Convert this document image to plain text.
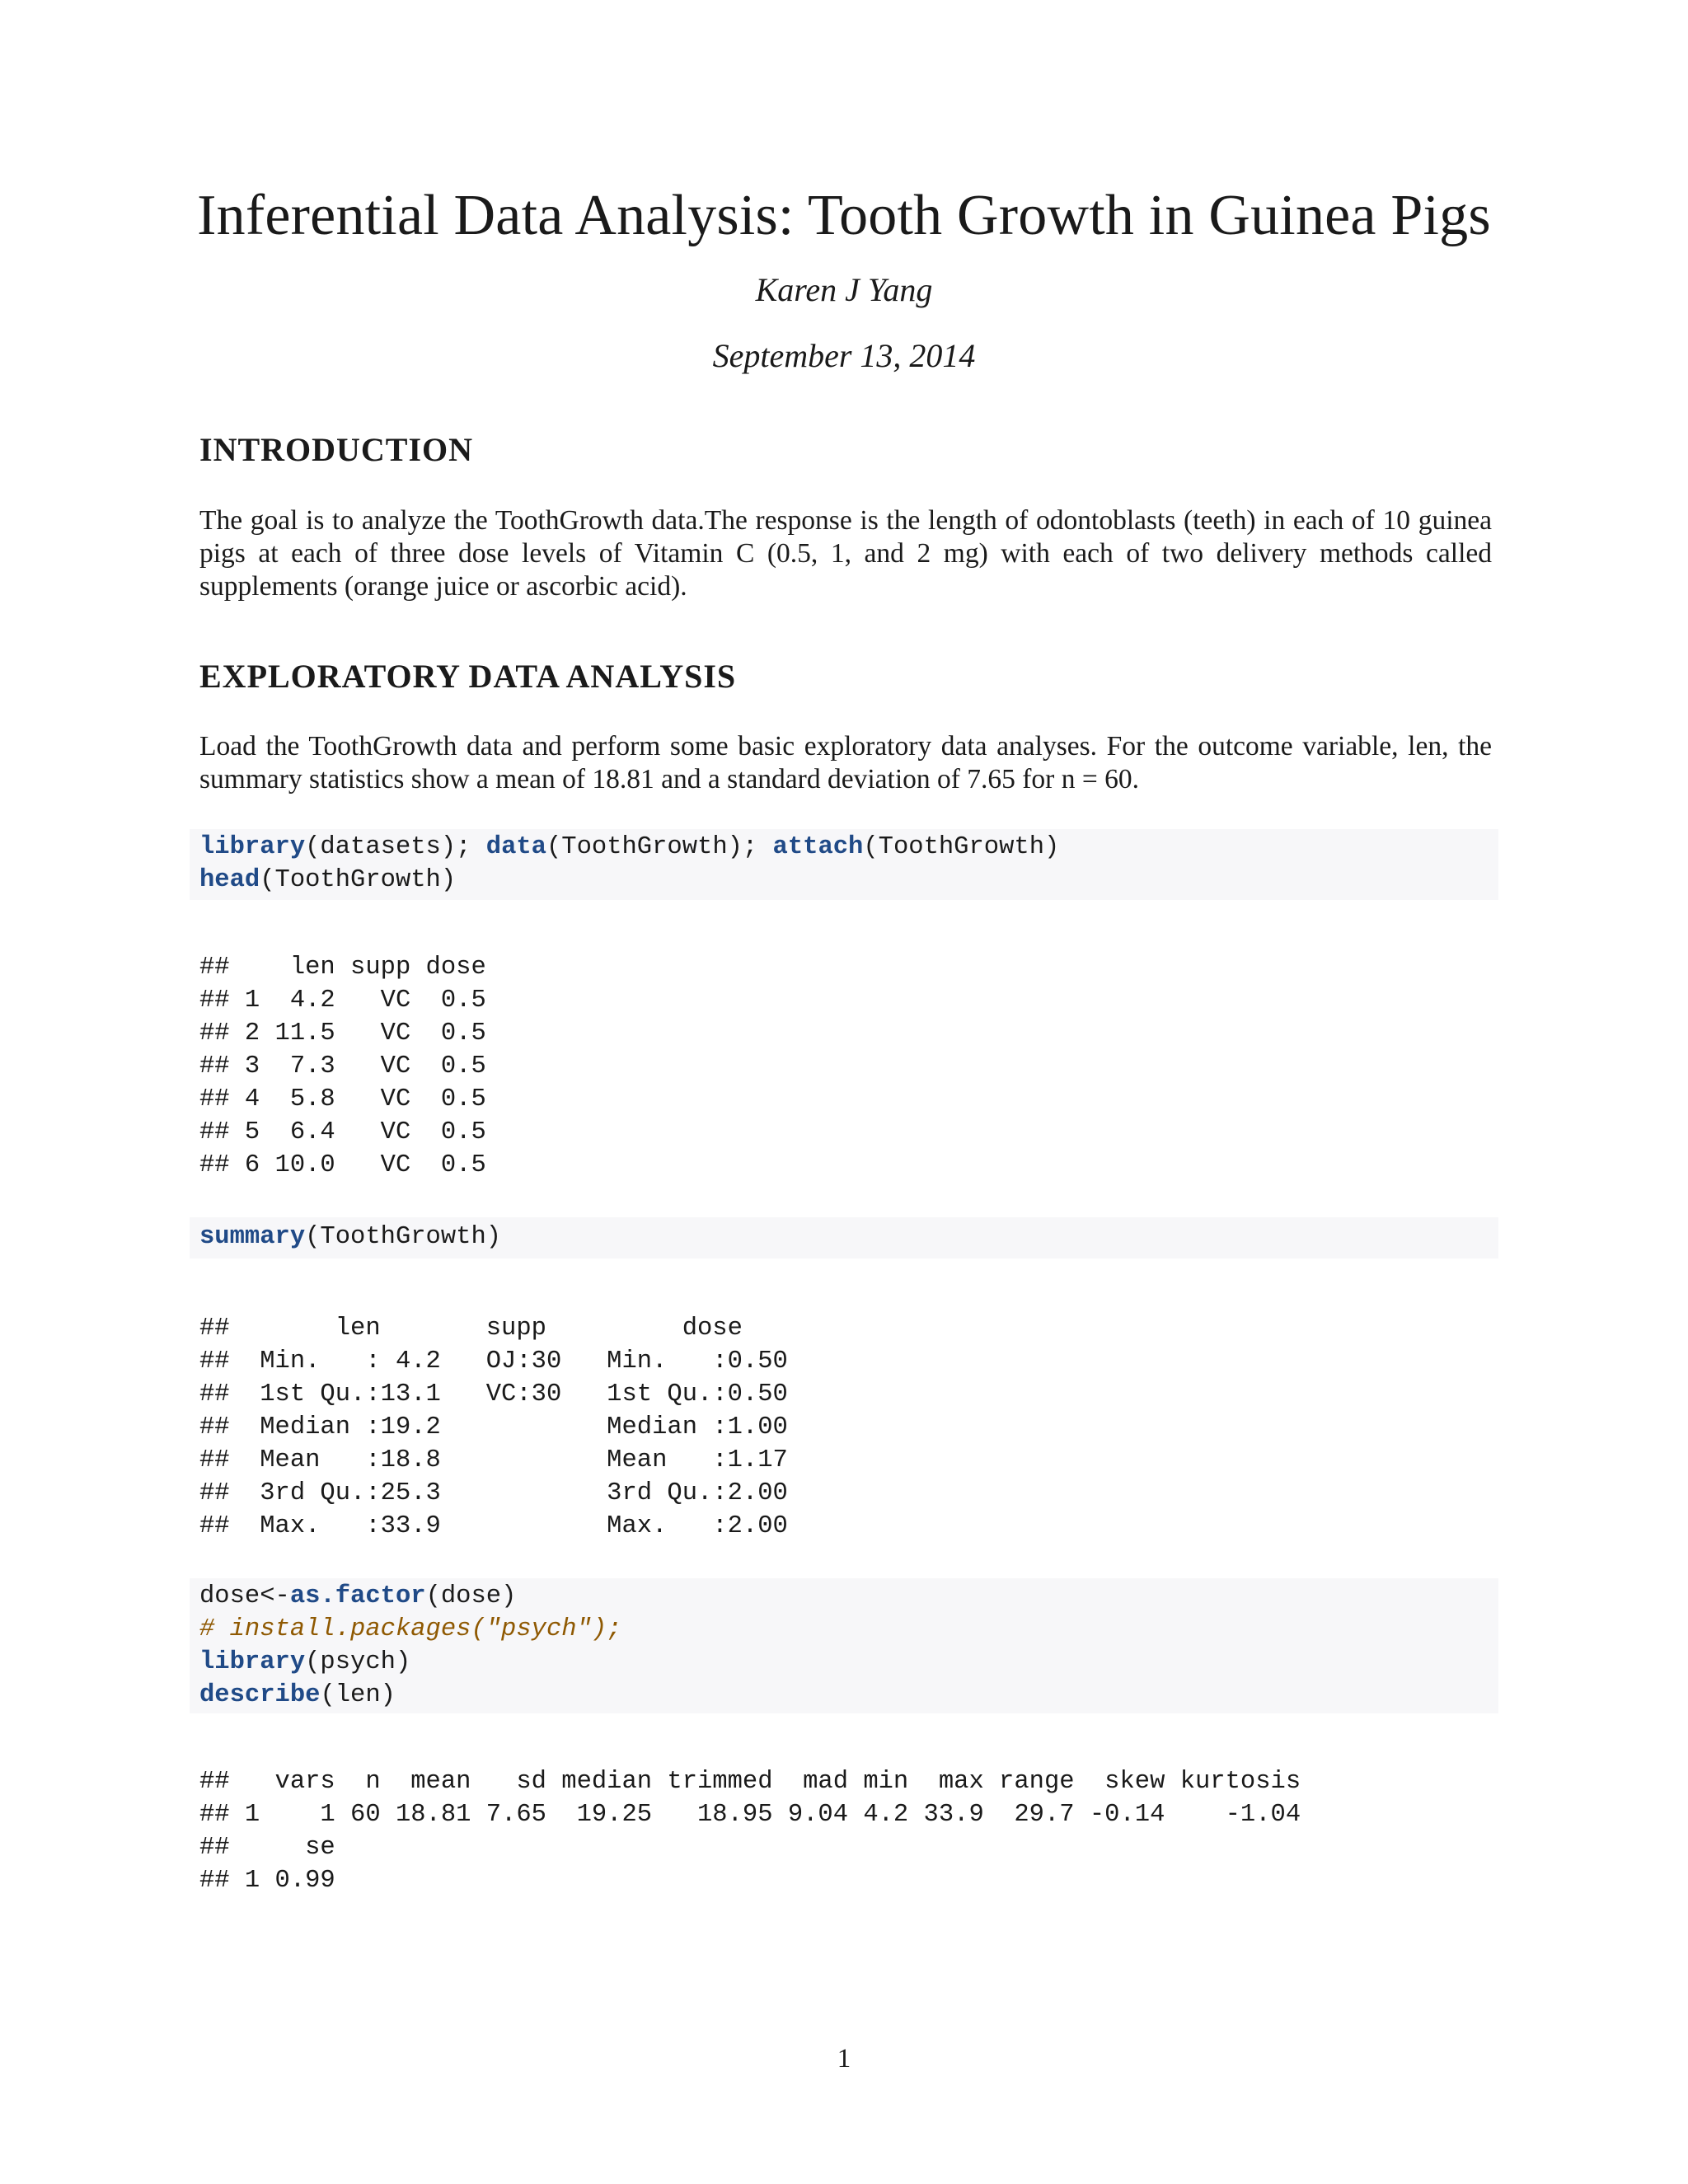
Inferential Data Analysis: Tooth Growth in Guinea Pigs
Karen J Yang
September 13, 2014
INTRODUCTION

The goal is to analyze the ToothGrowth data.The response is the length of odontoblasts (teeth) in each of 10 guinea pigs at each of three dose levels of Vitamin C (0.5, 1, and 2 mg) with each of two delivery methods called supplements (orange juice or ascorbic acid).

EXPLORATORY DATA ANALYSIS

Load the ToothGrowth data and perform some basic exploratory data analyses. For the outcome variable, len, the summary statistics show a mean of 18.81 and a standard deviation of 7.65 for n = 60.

library(datasets); data(ToothGrowth); attach(ToothGrowth)
head(ToothGrowth)
##    len supp dose
## 1  4.2   VC  0.5
## 2 11.5   VC  0.5
## 3  7.3   VC  0.5
## 4  5.8   VC  0.5
## 5  6.4   VC  0.5
## 6 10.0   VC  0.5
summary(ToothGrowth)
##       len       supp         dose
##  Min.   : 4.2   OJ:30   Min.   :0.50
##  1st Qu.:13.1   VC:30   1st Qu.:0.50
##  Median :19.2           Median :1.00
##  Mean   :18.8           Mean   :1.17
##  3rd Qu.:25.3           3rd Qu.:2.00
##  Max.   :33.9           Max.   :2.00
dose<-as.factor(dose)
# install.packages("psych");
library(psych)
describe(len)
##   vars  n  mean   sd median trimmed  mad min  max range  skew kurtosis
## 1    1 60 18.81 7.65  19.25   18.95 9.04 4.2 33.9  29.7 -0.14    -1.04
##     se
## 1 0.99
1
